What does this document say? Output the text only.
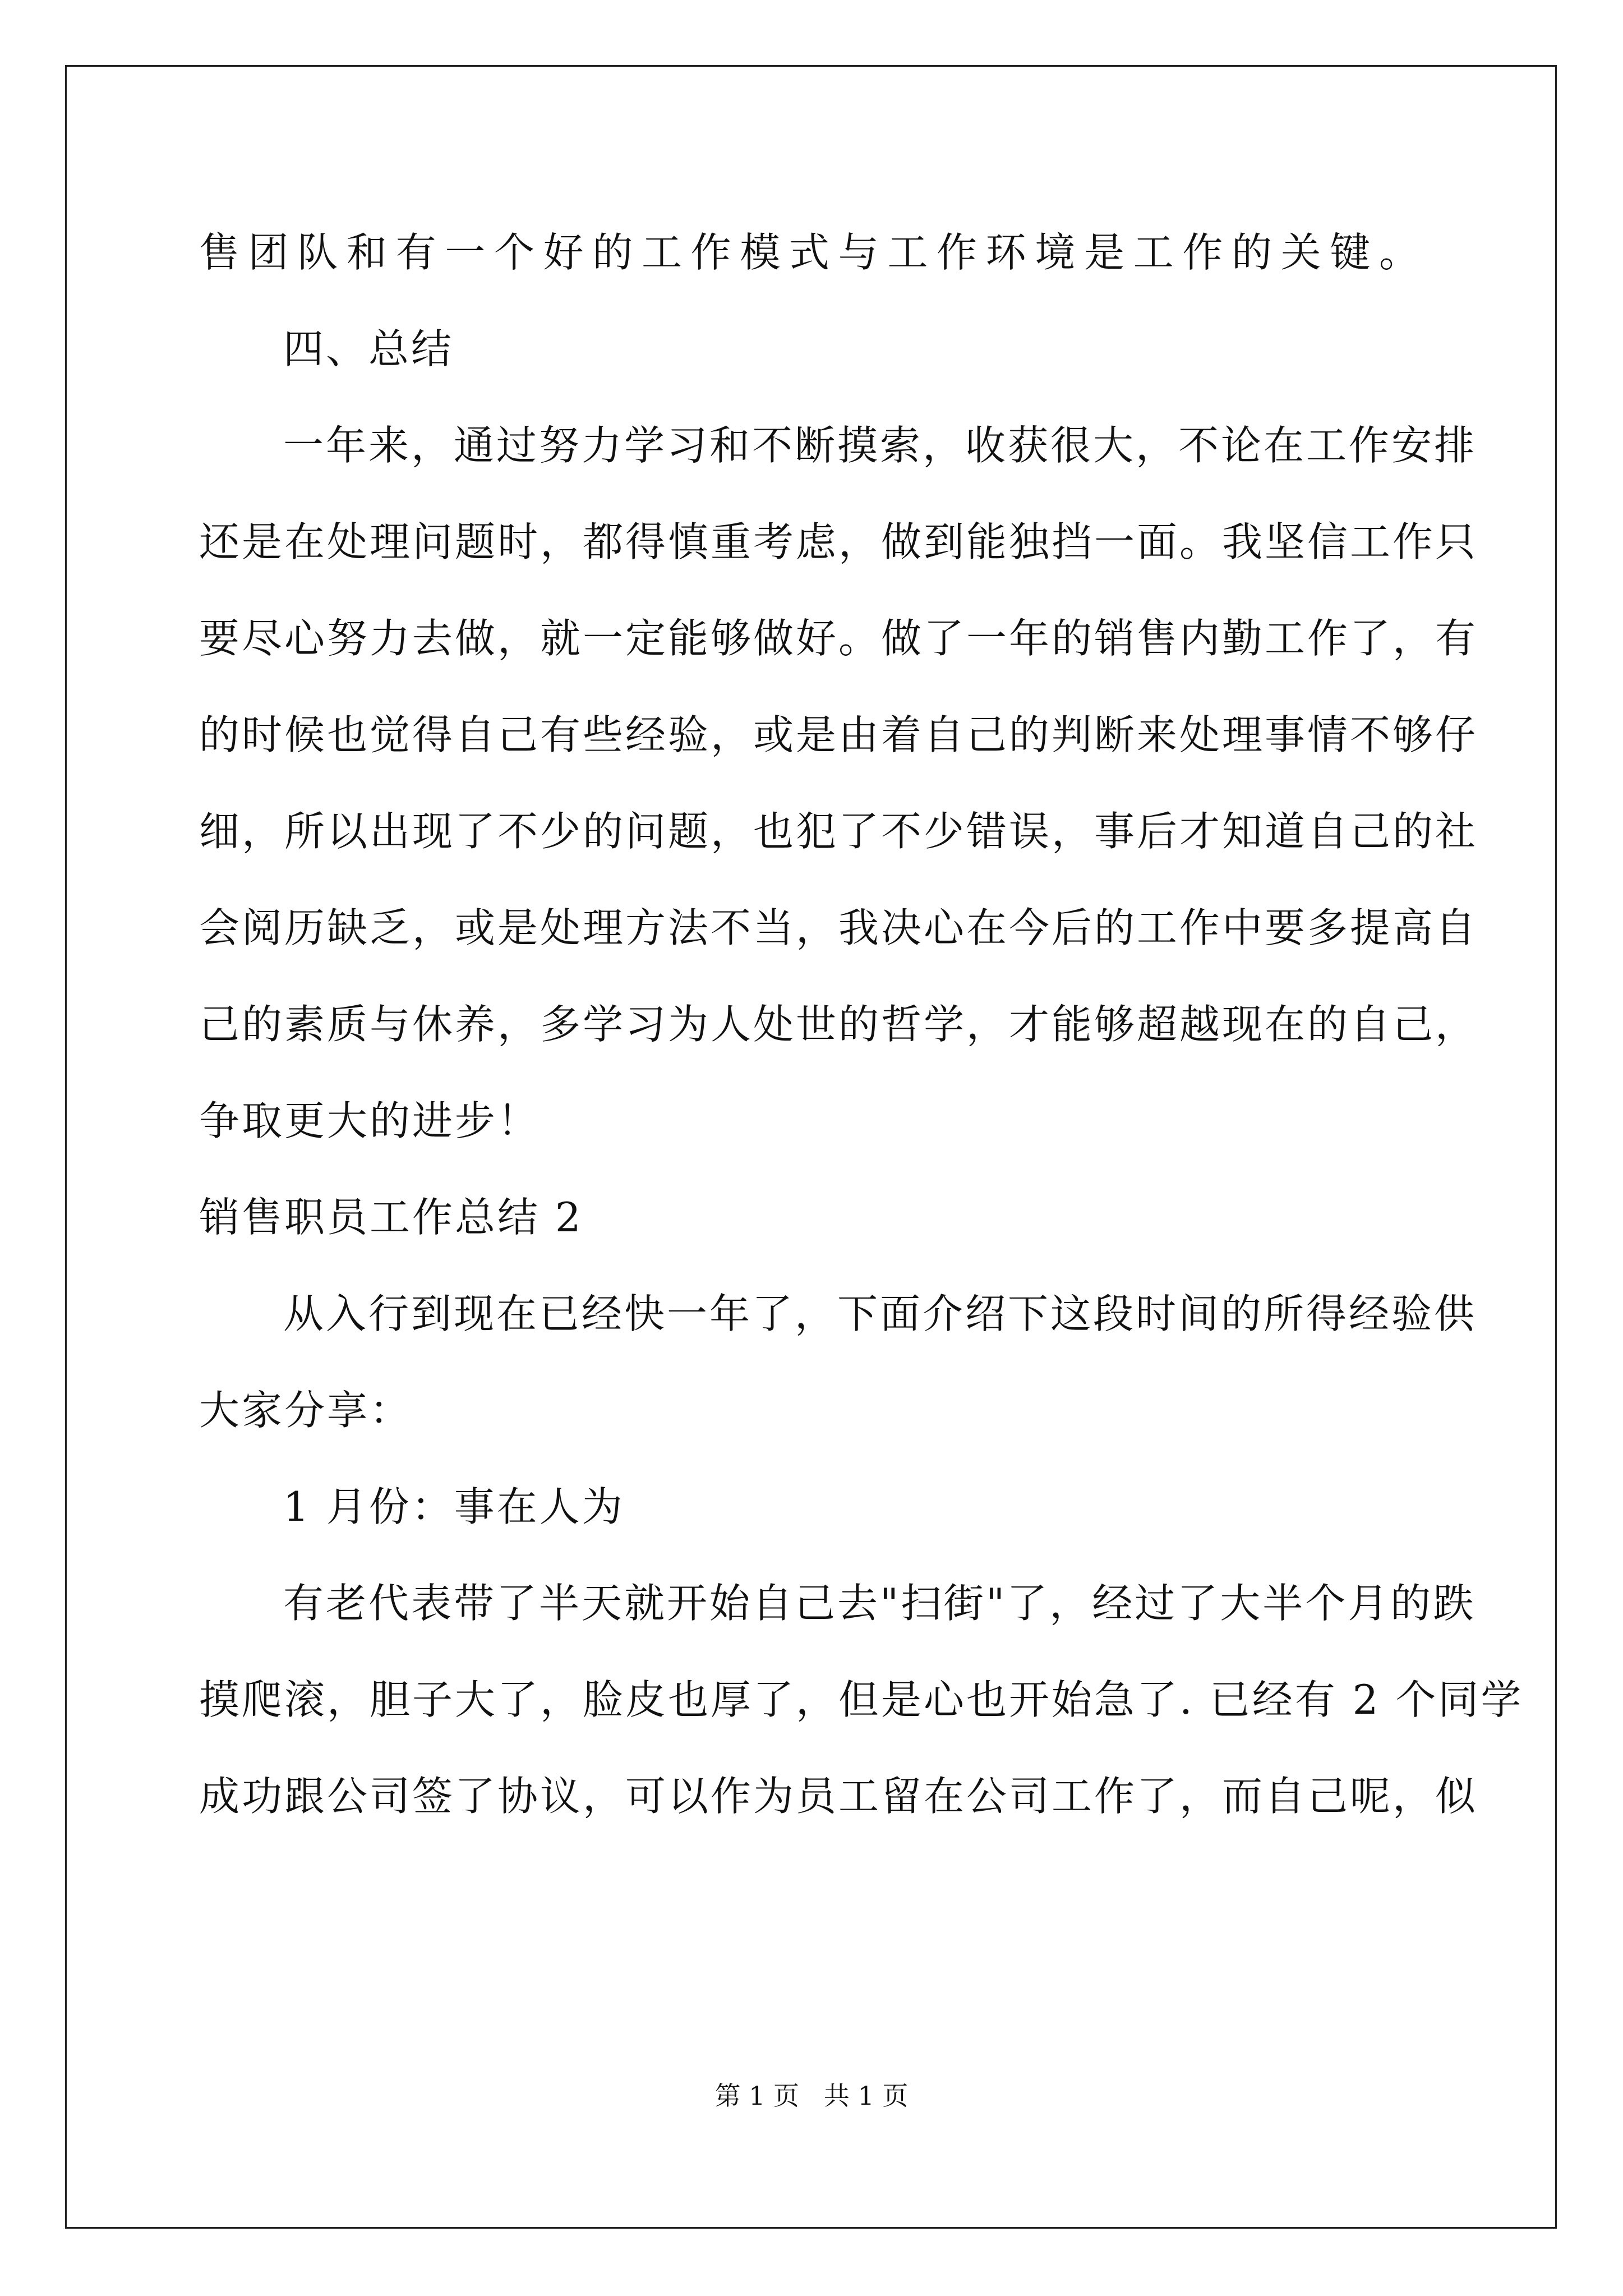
售团队和有一个好的工作模式与工作环境是工作的关键。
四、总结
一年来，通过努力学习和不断摸索，收获很大，不论在工作安排
还是在处理问题时，都得慎重考虑，做到能独挡一面。我坚信工作只
要尽心努力去做，就一定能够做好。做了一年的销售内勤工作了，有
的时候也觉得自己有些经验，或是由着自己的判断来处理事情不够仔
细，所以出现了不少的问题，也犯了不少错误，事后才知道自己的社
会阅历缺乏，或是处理方法不当，我决心在今后的工作中要多提高自
己的素质与休养，多学习为人处世的哲学，才能够超越现在的自己，
争取更大的进步！
销售职员工作总结 2
从入行到现在已经快一年了，下面介绍下这段时间的所得经验供
大家分享：
1 月份：事在人为
有老代表带了半天就开始自己去"扫街"了，经过了大半个月的跌
摸爬滚，胆子大了，脸皮也厚了，但是心也开始急了. 已经有 2 个同学
成功跟公司签了协议，可以作为员工留在公司工作了，而自己呢，似
第 1 页   共 1 页
